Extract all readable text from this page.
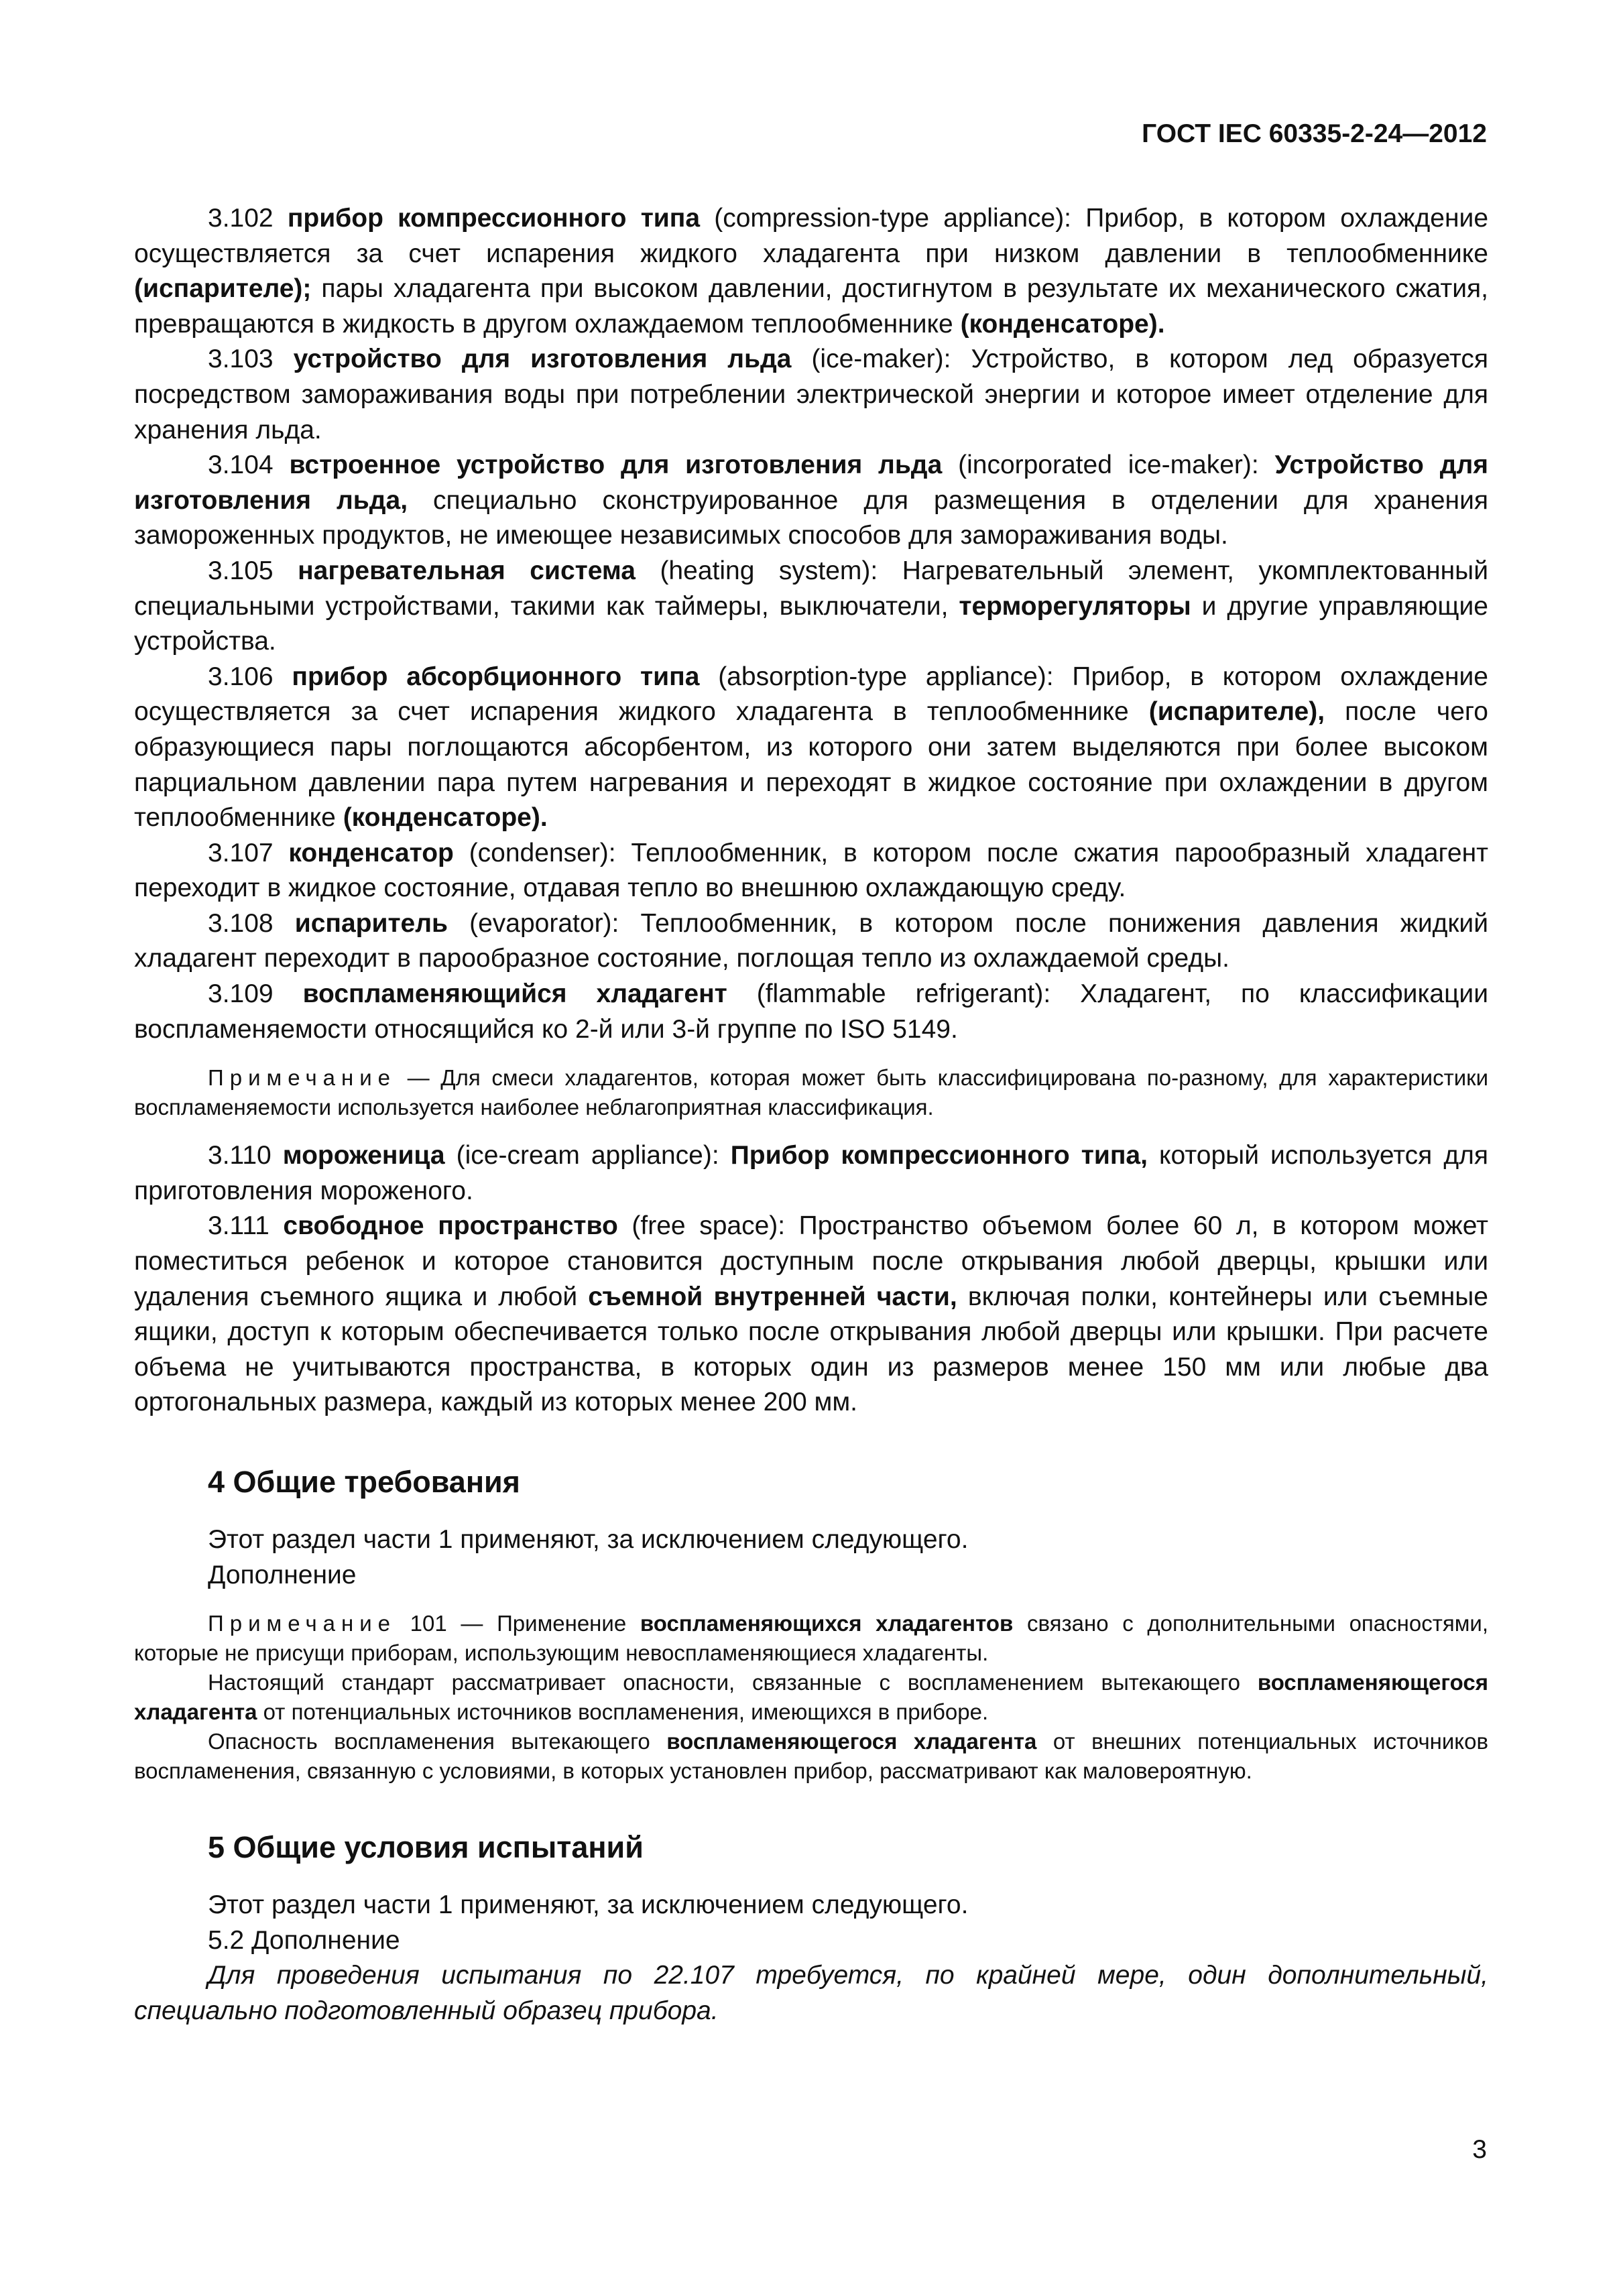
ГОСТ IEC 60335-2-24—2012

3.102 прибор компрессионного типа (compression-type appliance): Прибор, в котором охлаждение осуществляется за счет испарения жидкого хладагента при низком давлении в теплообменнике (испарителе); пары хладагента при высоком давлении, достигнутом в результате их механического сжатия, превращаются в жидкость в другом охлаждаемом теплообменнике (конденсаторе).

3.103 устройство для изготовления льда (ice-maker): Устройство, в котором лед образуется посредством замораживания воды при потреблении электрической энергии и которое имеет отделение для хранения льда.

3.104 встроенное устройство для изготовления льда (incorporated ice-maker): Устройство для изготовления льда, специально сконструированное для размещения в отделении для хранения замороженных продуктов, не имеющее независимых способов для замораживания воды.

3.105 нагревательная система (heating system): Нагревательный элемент, укомплектованный специальными устройствами, такими как таймеры, выключатели, терморегуляторы и другие управляющие устройства.

3.106 прибор абсорбционного типа (absorption-type appliance): Прибор, в котором охлаждение осуществляется за счет испарения жидкого хладагента в теплообменнике (испарителе), после чего образующиеся пары поглощаются абсорбентом, из которого они затем выделяются при более высоком парциальном давлении пара путем нагревания и переходят в жидкое состояние при охлаждении в другом теплообменнике (конденсаторе).

3.107 конденсатор (condenser): Теплообменник, в котором после сжатия парообразный хладагент переходит в жидкое состояние, отдавая тепло во внешнюю охлаждающую среду.

3.108 испаритель (evaporator): Теплообменник, в котором после понижения давления жидкий хладагент переходит в парообразное состояние, поглощая тепло из охлаждаемой среды.

3.109 воспламеняющийся хладагент (flammable refrigerant): Хладагент, по классификации воспламеняемости относящийся ко 2-й или 3-й группе по ISO 5149.

Примечание — Для смеси хладагентов, которая может быть классифицирована по-разному, для характеристики воспламеняемости используется наиболее неблагоприятная классификация.

3.110 мороженица (ice-cream appliance): Прибор компрессионного типа, который используется для приготовления мороженого.

3.111 свободное пространство (free space): Пространство объемом более 60 л, в котором может поместиться ребенок и которое становится доступным после открывания любой дверцы, крышки или удаления съемного ящика и любой съемной внутренней части, включая полки, контейнеры или съемные ящики, доступ к которым обеспечивается только после открывания любой дверцы или крышки. При расчете объема не учитываются пространства, в которых один из размеров менее 150 мм или любые два ортогональных размера, каждый из которых менее 200 мм.

4 Общие требования

Этот раздел части 1 применяют, за исключением следующего.

Дополнение

Примечание 101 — Применение воспламеняющихся хладагентов связано с дополнительными опасностями, которые не присущи приборам, использующим невоспламеняющиеся хладагенты.

Настоящий стандарт рассматривает опасности, связанные с воспламенением вытекающего воспламеняющегося хладагента от потенциальных источников воспламенения, имеющихся в приборе.

Опасность воспламенения вытекающего воспламеняющегося хладагента от внешних потенциальных источников воспламенения, связанную с условиями, в которых установлен прибор, рассматривают как маловероятную.

5 Общие условия испытаний

Этот раздел части 1 применяют, за исключением следующего.

5.2 Дополнение

Для проведения испытания по 22.107 требуется, по крайней мере, один дополнительный, специально подготовленный образец прибора.

3
